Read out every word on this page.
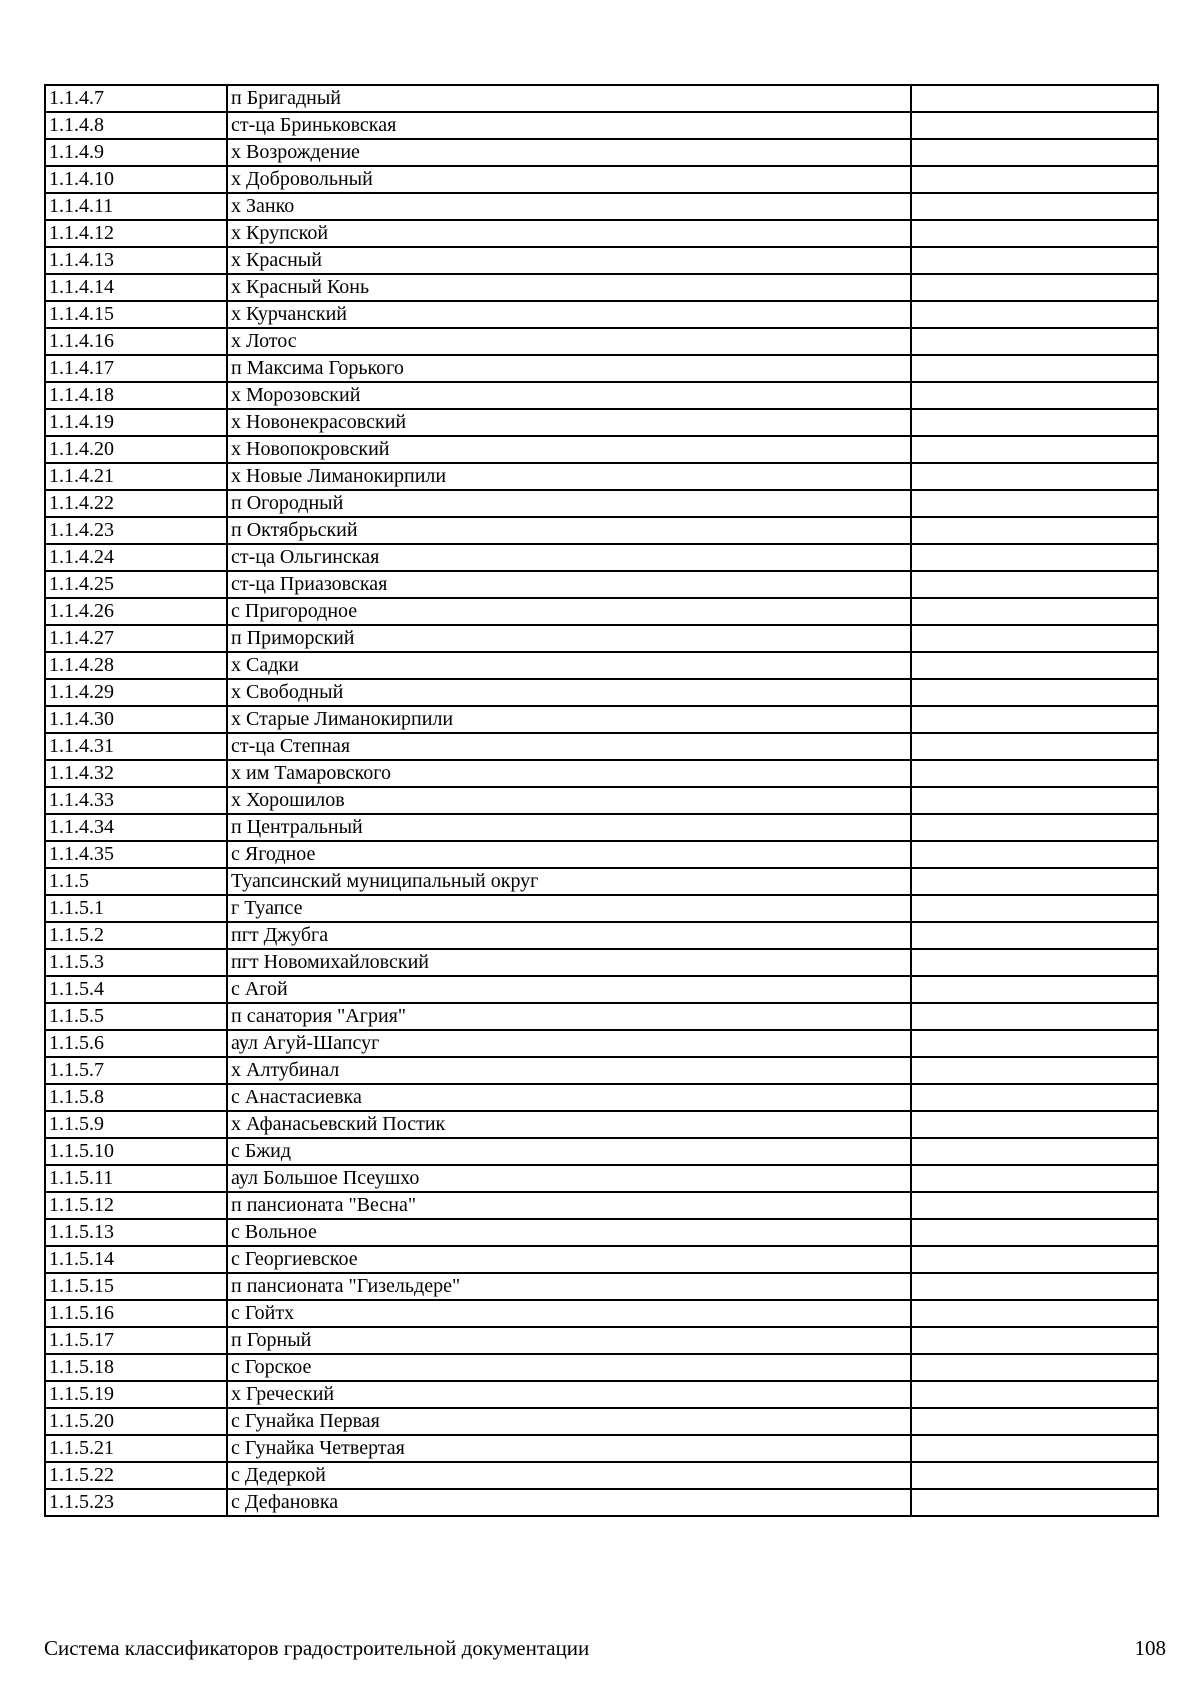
1.1.4.7	п Бригадный	
1.1.4.8	ст-ца Бриньковская	
1.1.4.9	х Возрождение	
1.1.4.10	х Добровольный	
1.1.4.11	х Занко	
1.1.4.12	х Крупской	
1.1.4.13	х Красный	
1.1.4.14	х Красный Конь	
1.1.4.15	х Курчанский	
1.1.4.16	х Лотос	
1.1.4.17	п Максима Горького	
1.1.4.18	х Морозовский	
1.1.4.19	х Новонекрасовский	
1.1.4.20	х Новопокровский	
1.1.4.21	х Новые Лиманокирпили	
1.1.4.22	п Огородный	
1.1.4.23	п Октябрьский	
1.1.4.24	ст-ца Ольгинская	
1.1.4.25	ст-ца Приазовская	
1.1.4.26	с Пригородное	
1.1.4.27	п Приморский	
1.1.4.28	х Садки	
1.1.4.29	х Свободный	
1.1.4.30	х Старые Лиманокирпили	
1.1.4.31	ст-ца Степная	
1.1.4.32	х им Тамаровского	
1.1.4.33	х Хорошилов	
1.1.4.34	п Центральный	
1.1.4.35	с Ягодное	
1.1.5	Туапсинский муниципальный округ	
1.1.5.1	г Туапсе	
1.1.5.2	пгт Джубга	
1.1.5.3	пгт Новомихайловский	
1.1.5.4	с Агой	
1.1.5.5	п санатория "Агрия"	
1.1.5.6	аул Агуй-Шапсуг	
1.1.5.7	х Алтубинал	
1.1.5.8	с Анастасиевка	
1.1.5.9	х Афанасьевский Постик	
1.1.5.10	с Бжид	
1.1.5.11	аул Большое Псеушхо	
1.1.5.12	п пансионата "Весна"	
1.1.5.13	с Вольное	
1.1.5.14	с Георгиевское	
1.1.5.15	п пансионата "Гизельдере"	
1.1.5.16	с Гойтх	
1.1.5.17	п Горный	
1.1.5.18	с Горское	
1.1.5.19	х Греческий	
1.1.5.20	с Гунайка Первая	
1.1.5.21	с Гунайка Четвертая	
1.1.5.22	с Дедеркой	
1.1.5.23	с Дефановка	
Система классификаторов градостроительной документации	108
